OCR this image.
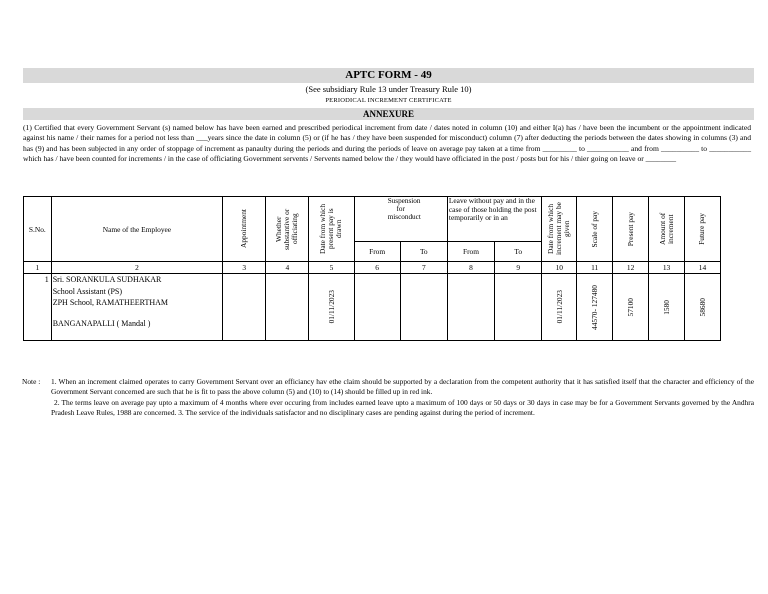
APTC FORM - 49
(See subsidiary Rule 13 under Treasury Rule 10)
PERIODICAL INCREMENT CERTIFICATE
ANNEXURE
(1) Certified that every Government Servant (s) named below has have been earned and prescribed periodical increment from date / dates noted in column (10) and either I(a) has / have been the incumbent or the appointment indicated against his name / their names for a period not less than ___years since the date in column (5) or (if he has / they have been suspended for misconduct) column (7) after deducting the periods between the dates showing in columns (3) and has (9) and has been subjected in any order of stoppage of increment as panaulty during the periods and during the periods of leave on average pay taken at a time from _________ to ___________ and from __________ to ___________ which has / have been counted for increments / in the case of officiating Government servents / Servents named below the / they would have officiated in the post / posts but for his / thier going on leave or ________
S.No.	Name of the Employee	Appointment	Whether substantive or officiating	Date from which present pay is drawn	Suspension for misconduct		Leave without pay and in the case of those holding the post temporarily or in an		Date from which increment may be given	Scale of pay	Present pay	Amount of increment	Future pay

					From	To	From	To					
1	2	3	4	5	6	7	8	9	10	11	12	13	14
1	Sri. SORANKULA SUDHAKAR
School Assistant (PS)
ZPH School, RAMATHEERTHAM
BANGANAPALLI ( Mandal )			01/11/2023					01/11/2023	44570- 127480	57100	1580	58680
Note : 1. When an increment claimed operates to carry Government Servant over an efficiancy hav ethe claim should be supported by a declaration from the competent authority that it has satisfied itself that the character and efficiency of the Government Servant concerned are such that he is fit to pass the above column (5) and (10) to (14) should be filled up in red ink.
2. The terms leave on average pay upto a maximum of 4 months where ever occuring from includes earned leave upto a maximum of 100 days or 50 days or 30 days in case may be for a Government Servants governed by the Andhra Pradesh Leave Rules, 1988 are concerned. 3. The service of the individuals satisfactor and no disciplinary cases are pending against during the period of increment.
